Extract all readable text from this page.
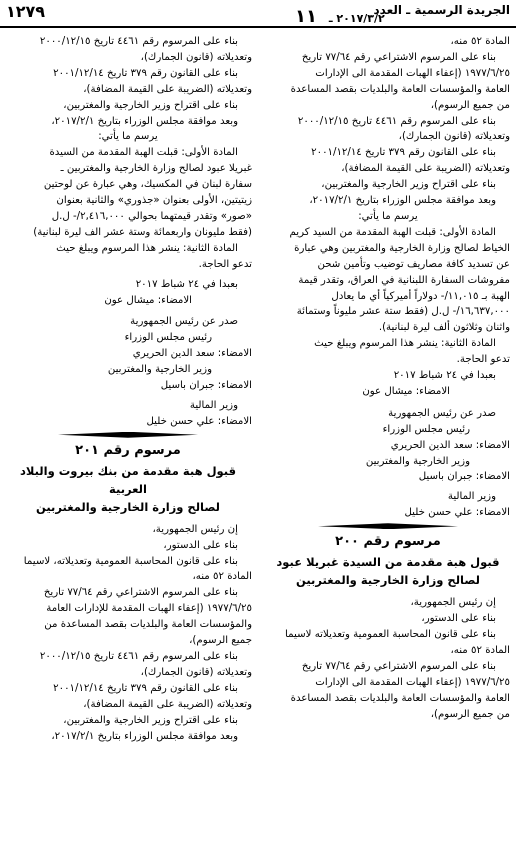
الجريدة الرسمية ـ العدد
٢٠١٧/٣/٢ ـ ١١
١٢٧٩

المادة ٥٢ منه،

بناء على المرسوم الاشتراعي رقم ٧٧/٦٤ تاريخ

١٩٧٧/٦/٢٥ (إعفاء الهبات المقدمة الى الإدارات

العامة والمؤسسات العامة والبلديات بقصد المساعدة

من جميع الرسوم)،

بناء على المرسوم رقم ٤٤٦١ تاريخ ٢٠٠٠/١٢/١٥

وتعديلاته (قانون الجمارك)،

بناء على القانون رقم ٣٧٩ تاريخ ٢٠٠١/١٢/١٤

وتعديلاته (الضريبة على القيمة المضافة)،

بناء على اقتراح وزير الخارجية والمغتربين،

وبعد موافقة مجلس الوزراء بتاريخ ٢٠١٧/٢/١،

يرسم ما يأتي:

المادة الأولى: قبلت الهبة المقدمة من السيد كريم

الخياط لصالح وزارة الخارجية والمغتربين وهي عبارة

عن تسديد كافة مصاريف توضيب وتأمين شحن

مفروشات السفارة اللبنانية في العراق، وتقدر قيمة

الهبة بـ ١١,٠١٥/- دولاراً أميركياً أي ما يعادل

١٦,٦٣٧,٠٠٠/- ل.ل (فقط ستة عشر مليوناً وستمائة

واثنان وثلاثون ألف ليرة لبنانية).

المادة الثانية: ينشر هذا المرسوم ويبلغ حيث

تدعو الحاجة.

بعبدا في ٢٤ شباط ٢٠١٧

الامضاء: ميشال عون

صدر عن رئيس الجمهورية

رئيس مجلس الوزراء

الامضاء: سعد الدين الحريري

وزير الخارجية والمغتربين

الامضاء: جبران باسيل

وزير المالية

الامضاء: علي حسن خليل

مرسوم رقم ٢٠٠

قبول هبة مقدمة من السيدة غبريلا عبود

لصالح وزارة الخارجية والمغتربين

إن رئيس الجمهورية،

بناء على الدستور،

بناء على قانون المحاسبة العمومية وتعديلاته لاسيما

المادة ٥٢ منه،

بناء على المرسوم الاشتراعي رقم ٧٧/٦٤ تاريخ

١٩٧٧/٦/٢٥ (إعفاء الهبات المقدمة الى الإدارات

العامة والمؤسسات العامة والبلديات بقصد المساعدة

من جميع الرسوم)،

بناء على المرسوم رقم ٤٤٦١ تاريخ ٢٠٠٠/١٢/١٥

وتعديلاته (قانون الجمارك)،

بناء على القانون رقم ٣٧٩ تاريخ ٢٠٠١/١٢/١٤

وتعديلاته (الضريبة على القيمة المضافة)،

بناء على اقتراح وزير الخارجية والمغتربين،

وبعد موافقة مجلس الوزراء بتاريخ ٢٠١٧/٢/١،

يرسم ما يأتي:

المادة الأولى: قبلت الهبة المقدمة من السيدة

غبريلا عبود لصالح وزارة الخارجية والمغتربين ـ

سفارة لبنان في المكسيك، وهي عبارة عن لوحتين

زيتيتين، الأولى بعنوان «جذوري» والثانية بعنوان

«صور» وتقدر قيمتهما بحوالي ٢,٤١٦,٠٠٠/- ل.ل

(فقط مليونان واربعمائة وستة عشر الف ليرة لبنانية)

المادة الثانية: ينشر هذا المرسوم ويبلغ حيث

تدعو الحاجة.

بعبدا في ٢٤ شباط ٢٠١٧

الامضاء: ميشال عون

صدر عن رئيس الجمهورية

رئيس مجلس الوزراء

الامضاء: سعد الدين الحريري

وزير الخارجية والمغتربين

الامضاء: جبران باسيل

وزير المالية

الامضاء: علي حسن خليل

مرسوم رقم ٢٠١

قبول هبة مقدمة من بنك بيروت والبلاد العربية

لصالح وزارة الخارجية والمغتربين

إن رئيس الجمهورية،

بناء على الدستور،

بناء على قانون المحاسبة العمومية وتعديلاته، لاسيما

المادة ٥٢ منه،

بناء على المرسوم الاشتراعي رقم ٧٧/٦٤ تاريخ

١٩٧٧/٦/٢٥ (إعفاء الهبات المقدمة للإدارات العامة

والمؤسسات العامة والبلديات بقصد المساعدة من

جميع الرسوم)،

بناء على المرسوم رقم ٤٤٦١ تاريخ ٢٠٠٠/١٢/١٥

وتعديلاته (قانون الجمارك)،

بناء على القانون رقم ٣٧٩ تاريخ ٢٠٠١/١٢/١٤

وتعديلاته (الضريبة على القيمة المضافة)،

بناء على اقتراح وزير الخارجية والمغتربين،

وبعد موافقة مجلس الوزراء بتاريخ ٢٠١٧/٢/١،
